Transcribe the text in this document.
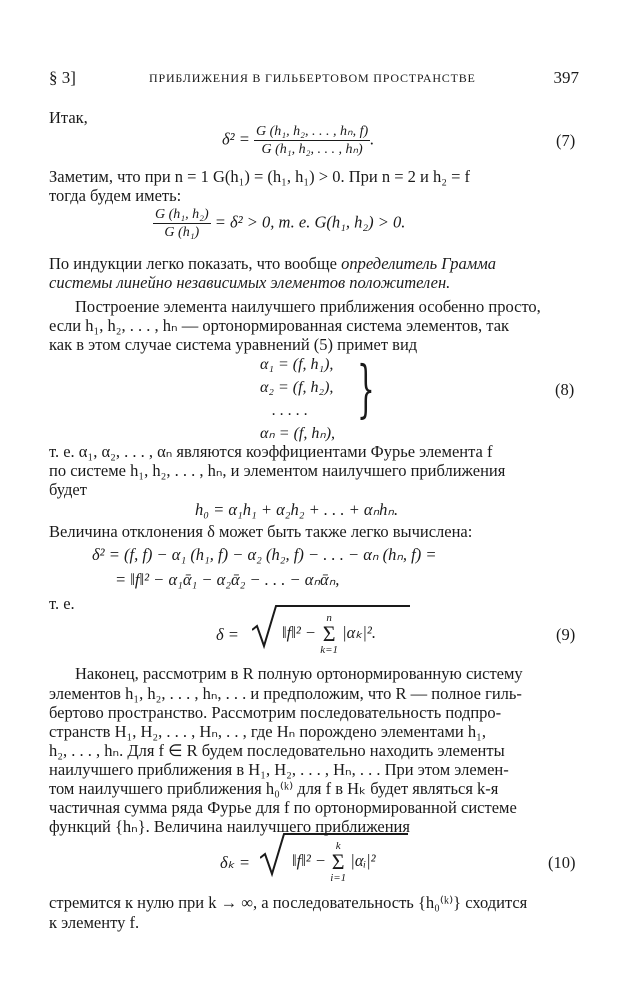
§ 3]	ПРИБЛИЖЕНИЯ В ГИЛЬБЕРТОВОМ ПРОСТРАНСТВЕ	397
Итак,
$\delta^2 = \frac{\text{G (h₁, h₂, . . . , hₙ, f)}}{\text{G (h₁, h₂, . . . , hₙ)}}$ .	(7)
Заметим, что при n = 1 G(h₁) = (h₁, h₁) > 0. При n = 2 и h₂ = f
тогда будем иметь:
$\frac{\text{G (h₁, h₂)}}{\text{G (h₁)}} = \delta^2 > 0$, т. е. G(h₁, h₂) > 0.
По индукции легко показать, что вообще определитель Грамма
системы линейно независимых элементов положителен.
Построение элемента наилучшего приближения особенно просто,
если h₁, h₂, . . . , hₙ — ортонормированная система элементов, так
как в этом случае система уравнений (5) примет вид
α₁ = (f, h₁),
α₂ = (f, h₂),
. . . . .
αₙ = (f, hₙ),
}	(8)
т. е. α₁, α₂, . . . , αₙ являются коэффициентами Фурье элемента f
по системе h₁, h₂, . . . , hₙ, и элементом наилучшего приближения
будет
h₀ = α₁h₁ + α₂h₂ + . . . + αₙhₙ.
Величина отклонения δ может быть также легко вычислена:
δ² = (f, f) − α₁ (h₁, f) − α₂ (h₂, f) − . . . − αₙ (hₙ, f) =
= ‖f‖² − α₁ᾱ₁ − α₂ᾱ₂ − . . . − αₙᾱₙ,
т. е.
δ =	‖f‖² − n
Σ
k=1 |αₖ|².	(9)
Наконец, рассмотрим в R полную ортонормированную систему
элементов h₁, h₂, . . . , hₙ, . . . и предположим, что R — полное гиль-
бертово пространство. Рассмотрим последовательность подпро-
странств H₁, H₂, . . . , Hₙ, . . , где Hₙ порождено элементами h₁,
h₂, . . . , hₙ. Для f ∈ R будем последовательно находить элементы
наилучшего приближения в H₁, H₂, . . . , Hₙ, . . . При этом элемен-
том наилучшего приближения h₀⁽ᵏ⁾ для f в Hₖ будет являться k-я
частичная сумма ряда Фурье для f по ортонормированной системе
функций {hₙ}. Величина наилучшего приближения
δₖ =	‖f‖² − k
Σ
i=1 |αᵢ|²	(10)
стремится к нулю при k → ∞, а последовательность {h₀⁽ᵏ⁾} сходится
к элементу f.
